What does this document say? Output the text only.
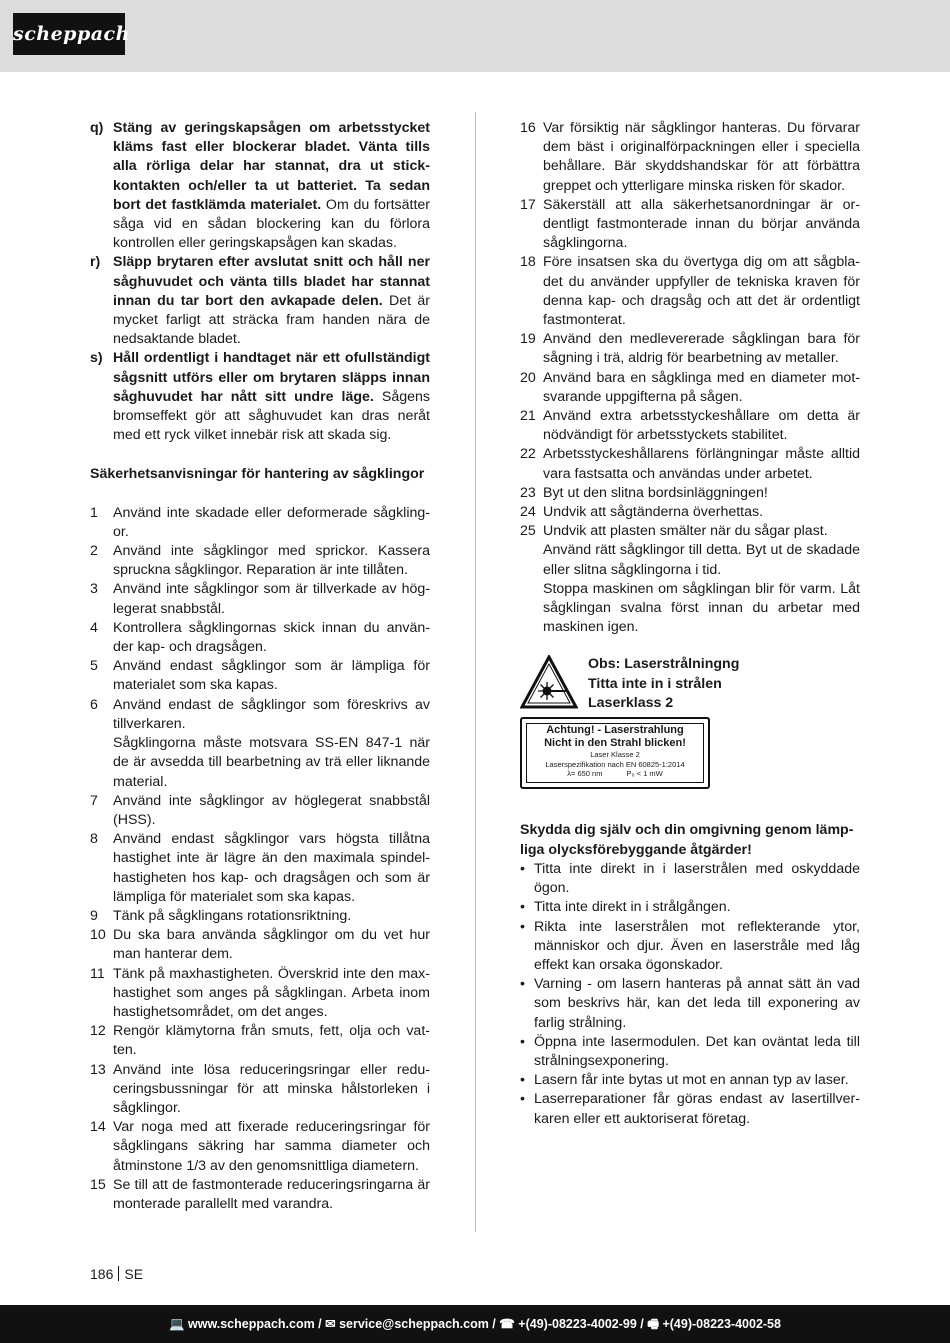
scheppach
q) Stäng av geringskapsågen om arbetsstycket kläms fast eller blockerar bladet. Vänta tills alla rörliga delar har stannat, dra ut stickkontakten och/eller ta ut batteriet. Ta sedan bort det fastklämda materialet. Om du fortsätter såga vid en sådan blockering kan du förlora kontrollen eller geringskapsågen kan skadas.
r) Släpp brytaren efter avslutat snitt och håll ner såghuvudet och vänta tills bladet har stannat innan du tar bort den avkapade delen. Det är mycket farligt att sträcka fram handen nära de nedsaktande bladet.
s) Håll ordentligt i handtaget när ett ofullständigt sågsnitt utförs eller om brytaren släpps innan såghuvudet har nått sitt undre läge. Sågens bromseffekt gör att såghuvudet kan dras neråt med ett ryck vilket innebär risk att skada sig.
Säkerhetsanvisningar för hantering av sågklingor
1 Använd inte skadade eller deformerade sågklingor.
2 Använd inte sågklingor med sprickor. Kassera spruckna sågklingor. Reparation är inte tillåten.
3 Använd inte sågklingor som är tillverkade av höglegerat snabbstål.
4 Kontrollera sågklingornas skick innan du använder kap- och dragsågen.
5 Använd endast sågklingor som är lämpliga för materialet som ska kapas.
6 Använd endast de sågklingor som föreskrivs av tillverkaren.
Sågklingorna måste motsvara SS-EN 847-1 när de är avsedda till bearbetning av trä eller liknande material.
7 Använd inte sågklingor av höglegerat snabbstål (HSS).
8 Använd endast sågklingor vars högsta tillåtna hastighet inte är lägre än den maximala spindelhastigheten hos kap- och dragsågen och som är lämpliga för materialet som ska kapas.
9 Tänk på sågklingans rotationsriktning.
10 Du ska bara använda sågklingor om du vet hur man hanterar dem.
11 Tänk på maxhastigheten. Överskrid inte den maxhastighet som anges på sågklingan. Arbeta inom hastighetsområdet, om det anges.
12 Rengör klämytorna från smuts, fett, olja och vatten.
13 Använd inte lösa reduceringsringar eller reduceringsbussningar för att minska hålstorleken i sågklingor.
14 Var noga med att fixerade reduceringsringar för sågklingans säkring har samma diameter och åtminstone 1/3 av den genomsnittliga diametern.
15 Se till att de fastmonterade reduceringsringarna är monterade parallellt med varandra.
16 Var försiktig när sågklingor hanteras. Du förvarar dem bäst i originalförpackningen eller i speciella behållare. Bär skyddshandskar för att förbättra greppet och ytterligare minska risken för skador.
17 Säkerställ att alla säkerhetsanordningar är ordentligt fastmonterade innan du börjar använda sågklingorna.
18 Före insatsen ska du övertyga dig om att sågbladet du använder uppfyller de tekniska kraven för denna kap- och dragsåg och att det är ordentligt fastmonterat.
19 Använd den medlevererade sågklingan bara för sågning i trä, aldrig för bearbetning av metaller.
20 Använd bara en sågklinga med en diameter motsvarande uppgifterna på sågen.
21 Använd extra arbetsstyckeshållare om detta är nödvändigt för arbetsstyckets stabilitet.
22 Arbetsstyckeshållarens förlängningar måste alltid vara fastsatta och användas under arbetet.
23 Byt ut den slitna bordsinläggningen!
24 Undvik att sågtänderna överhettas.
25 Undvik att plasten smälter när du sågar plast.
Använd rätt sågklingor till detta. Byt ut de skadade eller slitna sågklingorna i tid.
Stoppa maskinen om sågklingan blir för varm. Låt sågklingan svalna först innan du arbetar med maskinen igen.
Obs: Laserstrålningng
Titta inte in i strålen
Laserklass 2
Achtung! - Laserstrahlung
Nicht in den Strahl blicken!
Laser Klasse 2
Laserspezifikation nach EN 60825-1:2014
λ= 650 nm	P₀ < 1 mW
Skydda dig själv och din omgivning genom lämpliga olycksförebyggande åtgärder!
• Titta inte direkt in i laserstrålen med oskyddade ögon.
• Titta inte direkt in i strålgången.
• Rikta inte laserstrålen mot reflekterande ytor, människor och djur. Även en laserstråle med låg effekt kan orsaka ögonskador.
• Varning - om lasern hanteras på annat sätt än vad som beskrivs här, kan det leda till exponering av farlig strålning.
• Öppna inte lasermodulen. Det kan oväntat leda till strålningsexponering.
• Lasern får inte bytas ut mot en annan typ av laser.
• Laserreparationer får göras endast av lasertillverkaren eller ett auktoriserat företag.
186 SE
💻 www.scheppach.com / ✉ service@scheppach.com / ☎ +(49)-08223-4002-99 / 🖷 +(49)-08223-4002-58
